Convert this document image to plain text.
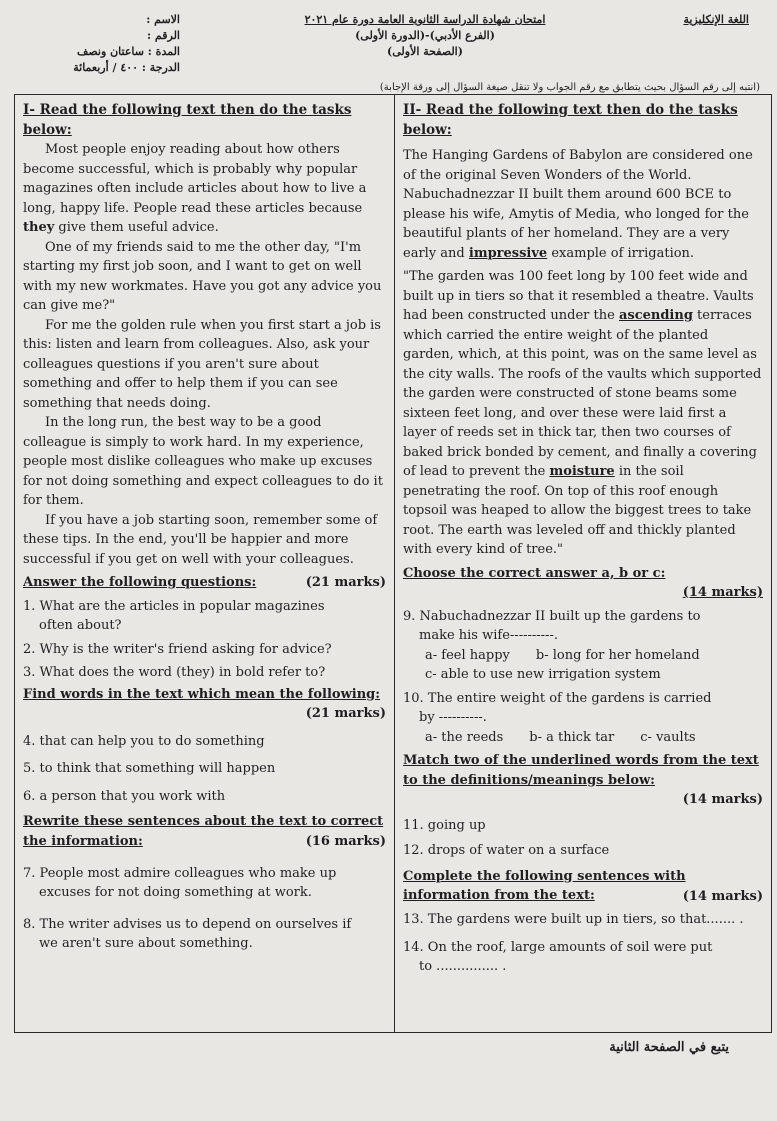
اللغة الإنكليزية
امتحان شهادة الدراسة الثانوية العامة دورة عام ٢٠٢١
(الفرع الأدبي)-(الدورة الأولى)
(الصفحة الأولى)
الاسم :
الرقم :
المدة : ساعتان ونصف
الدرجة : ٤٠٠ / أربعمائة
(انتبه إلى رقم السؤال بحيث يتطابق مع رقم الجواب ولا تنقل صيغة السؤال إلى ورقة الإجابة)
I- Read the following text then do the tasks below:

Most people enjoy reading about how others become successful, which is probably why popular magazines often include articles about how to live a long, happy life. People read these articles because they give them useful advice.

One of my friends said to me the other day, "I'm starting my first job soon, and I want to get on well with my new workmates. Have you got any advice you can give me?"

For me the golden rule when you first start a job is this: listen and learn from colleagues. Also, ask your colleagues questions if you aren't sure about something and offer to help them if you can see something that needs doing.

In the long run, the best way to be a good colleague is simply to work hard. In my experience, people most dislike colleagues who make up excuses for not doing something and expect colleagues to do it for them.

If you have a job starting soon, remember some of these tips. In the end, you'll be happier and more successful if you get on well with your colleagues.

Answer the following questions:	(21 marks)
1. What are the articles in popular magazines
often about?
2. Why is the writer's friend asking for advice?
3. What does the word (they) in bold refer to?
Find words in the text which mean the following:
(21 marks)
4. that can help you to do something
5. to think that something will happen
6. a person that you work with
Rewrite these sentences about the text to correct the information:	(16 marks)
7. People most admire colleagues who make up
excuses for not doing something at work.
8. The writer advises us to depend on ourselves if
we aren't sure about something.
II- Read the following text then do the tasks below:

The Hanging Gardens of Babylon are considered one of the original Seven Wonders of the World. Nabuchadnezzar II built them around 600 BCE to please his wife, Amytis of Media, who longed for the beautiful plants of her homeland. They are a very early and impressive example of irrigation.

"The garden was 100 feet long by 100 feet wide and built up in tiers so that it resembled a theatre. Vaults had been constructed under the ascending terraces which carried the entire weight of the planted garden, which, at this point, was on the same level as the city walls. The roofs of the vaults which supported the garden were constructed of stone beams some sixteen feet long, and over these were laid first a layer of reeds set in thick tar, then two courses of baked brick bonded by cement, and finally a covering of lead to prevent the moisture in the soil penetrating the roof. On top of this roof enough topsoil was heaped to allow the biggest trees to take root. The earth was leveled off and thickly planted with every kind of tree."

Choose the correct answer a, b or c:
(14 marks)
9. Nabuchadnezzar II built up the gardens to
make his wife----------.
a- feel happy b- long for her homeland
c- able to use new irrigation system
10. The entire weight of the gardens is carried
by ----------.
a- the reeds b- a thick tar c- vaults
Match two of the underlined words from the text to the definitions/meanings below:
(14 marks)
11. going up
12. drops of water on a surface
Complete the following sentences with information from the text:	(14 marks)
13. The gardens were built up in tiers, so that....... .
14. On the roof, large amounts of soil were put
to ............... .
يتبع في الصفحة الثانية
